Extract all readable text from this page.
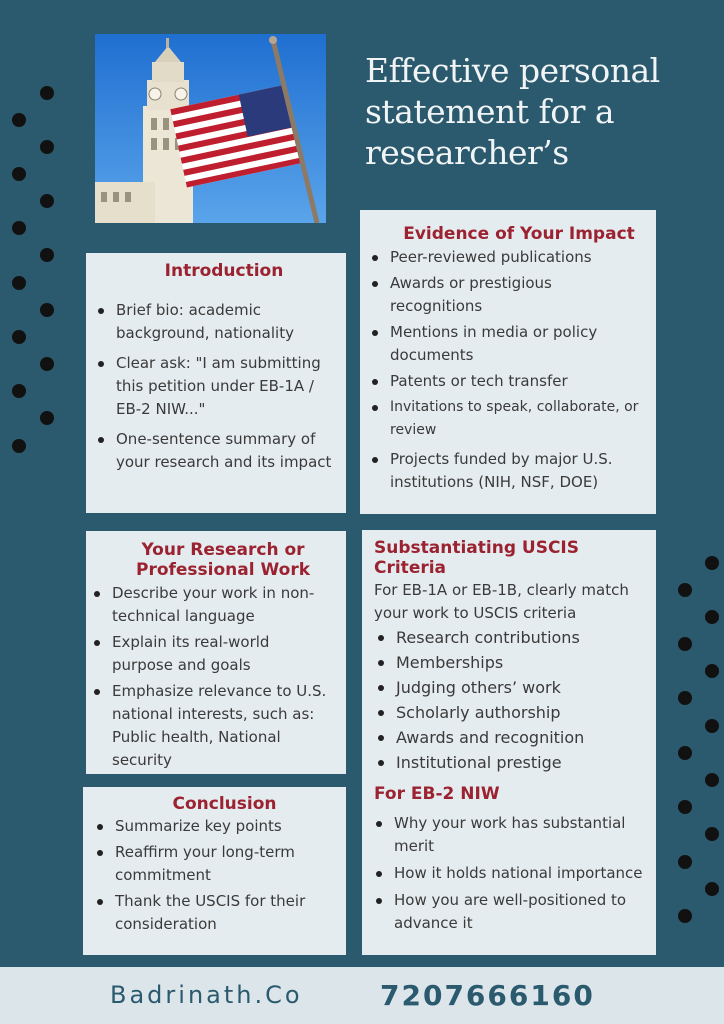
Effective personal
statement for a
researcher’s
Introduction
Brief bio: academic background, nationality
Clear ask: "I am submitting this petition under EB-1A / EB-2 NIW..."
One-sentence summary of your research and its impact
Evidence of Your Impact
Peer-reviewed publications
Awards or prestigious recognitions
Mentions in media or policy documents
Patents or tech transfer
Invitations to speak, collaborate, or review
Projects funded by major U.S. institutions (NIH, NSF, DOE)
Your Research or Professional Work
Describe your work in non-technical language
Explain its real-world purpose and goals
Emphasize relevance to U.S. national interests, such as: Public health, National security
Substantiating USCIS Criteria

For EB-1A or EB-1B, clearly match your work to USCIS criteria

Research contributions
Memberships
Judging others’ work
Scholarly authorship
Awards and recognition
Institutional prestige
For EB-2 NIW
Why your work has substantial merit
How it holds national importance
How you are well-positioned to advance it
Conclusion
Summarize key points
Reaffirm your long-term commitment
Thank the USCIS for their consideration
Badrinath.Co	7207666160
